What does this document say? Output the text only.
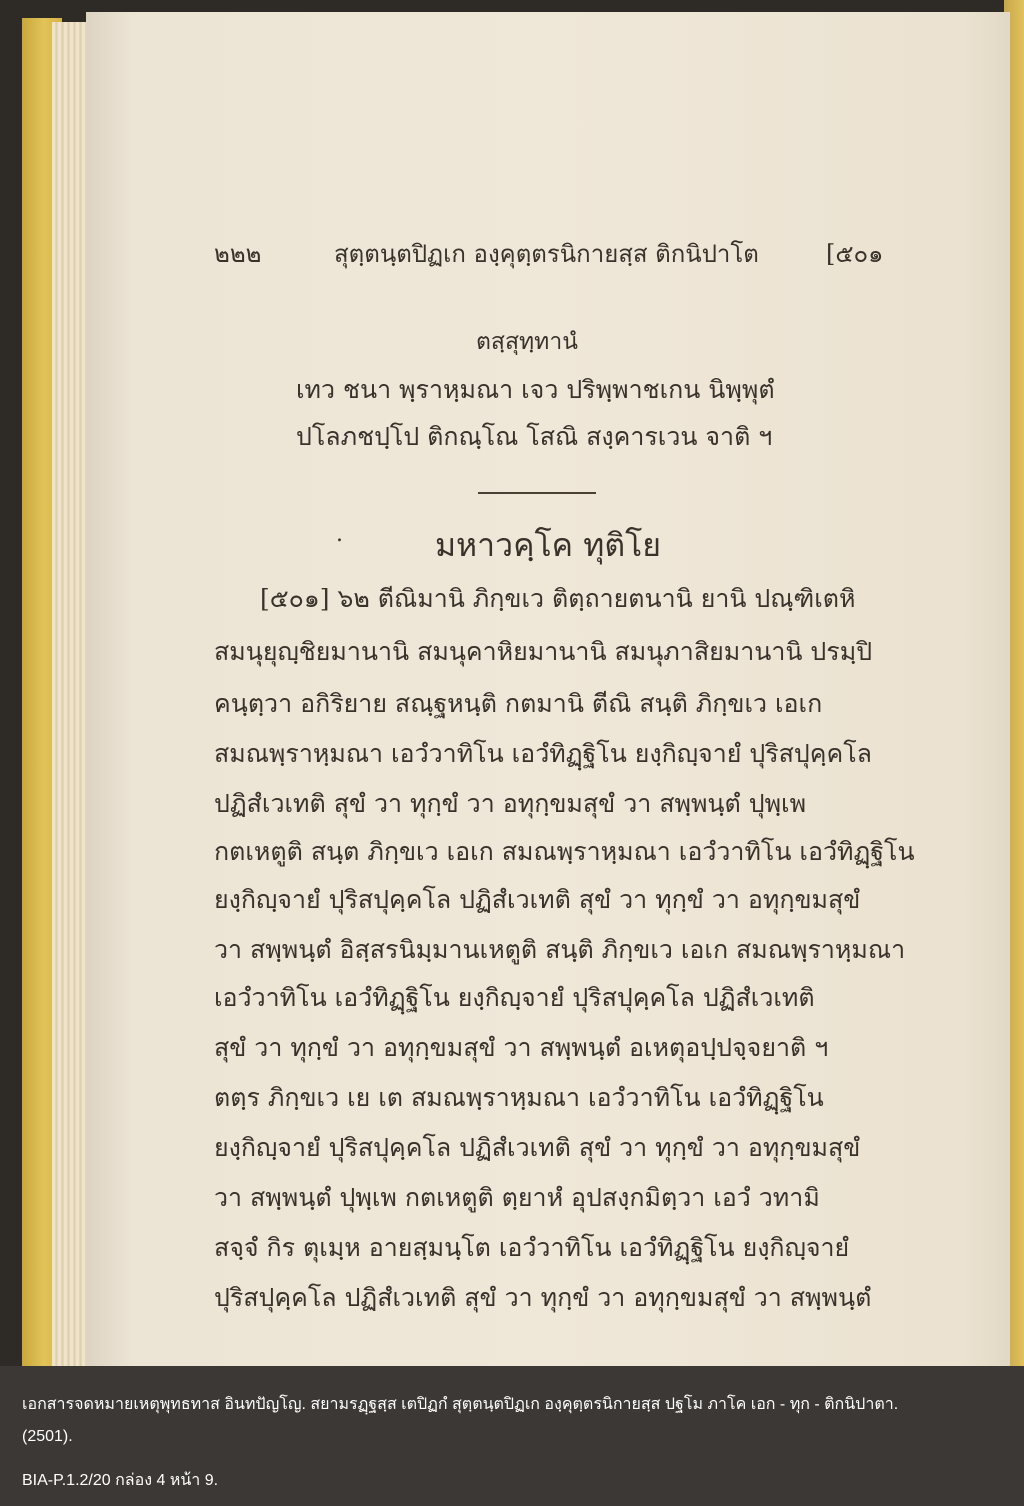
๒๒๒	สุตฺตนฺตปิฏเก องฺคุตฺตรนิกายสฺส ติกนิปาโต	[๕๐๑
ตสฺสุทฺทานํ
เทว ชนา พฺราหฺมณา เจว ปริพฺพาชเกน นิพฺพุตํ
ปโลภชปฺโป ติกณฺโณ โสณิ สงฺคารเวน จาติ ฯ
.	มหาวคฺโค ทุติโย
[๕๐๑] ๖๒ ตีณิมานิ ภิกฺขเว ติตฺถายตนานิ ยานิ ปณฺฑิเตหิ
สมนุยุญฺชิยมานานิ สมนุคาหิยมานานิ สมนุภาสิยมานานิ ปรมฺปิ
คนฺตฺวา อกิริยาย สณฺฐหนฺติ กตมานิ ตีณิ สนฺติ ภิกฺขเว เอเก
สมณพฺราหฺมณา เอวํวาทิโน เอวํทิฏฺฐิโน ยงฺกิญฺจายํ ปุริสปุคฺคโล
ปฏิสํเวเทติ สุขํ วา ทุกฺขํ วา อทุกฺขมสุขํ วา สพฺพนฺตํ ปุพฺเพ
กตเหตูติ สนฺต ภิกฺขเว เอเก สมณพฺราหฺมณา เอวํวาทิโน เอวํทิฏฺฐิโน
ยงฺกิญฺจายํ ปุริสปุคฺคโล ปฏิสํเวเทติ สุขํ วา ทุกฺขํ วา อทุกฺขมสุขํ
วา สพฺพนฺตํ อิสฺสรนิมฺมานเหตูติ สนฺติ ภิกฺขเว เอเก สมณพฺราหฺมณา
เอวํวาทิโน เอวํทิฏฺฐิโน ยงฺกิญฺจายํ ปุริสปุคฺคโล ปฏิสํเวเทติ
สุขํ วา ทุกฺขํ วา อทุกฺขมสุขํ วา สพฺพนฺตํ อเหตุอปฺปจฺจยาติ ฯ
ตตฺร ภิกฺขเว เย เต สมณพฺราหฺมณา เอวํวาทิโน เอวํทิฏฺฐิโน
ยงฺกิญฺจายํ ปุริสปุคฺคโล ปฏิสํเวเทติ สุขํ วา ทุกฺขํ วา อทุกฺขมสุขํ
วา สพฺพนฺตํ ปุพฺเพ กตเหตูติ ตฺยาหํ อุปสงฺกมิตฺวา เอวํ วทามิ
สจฺจํ กิร ตุเมฺห อายสฺมนฺโต เอวํวาทิโน เอวํทิฏฺฐิโน ยงฺกิญฺจายํ
ปุริสปุคฺคโล ปฏิสํเวเทติ สุขํ วา ทุกฺขํ วา อทุกฺขมสุขํ วา สพฺพนฺตํ
เอกสารจดหมายเหตุพุทธทาส อินทปัญโญ. สยามรฏฺฐสฺส เตปิฏกํ สุตฺตนฺตปิฏเก องฺคุตฺตรนิกายสฺส ปฐโม ภาโค เอก - ทุก - ติกนิปาตา.
(2501).
BIA-P.1.2/20 กล่อง 4 หน้า 9.
